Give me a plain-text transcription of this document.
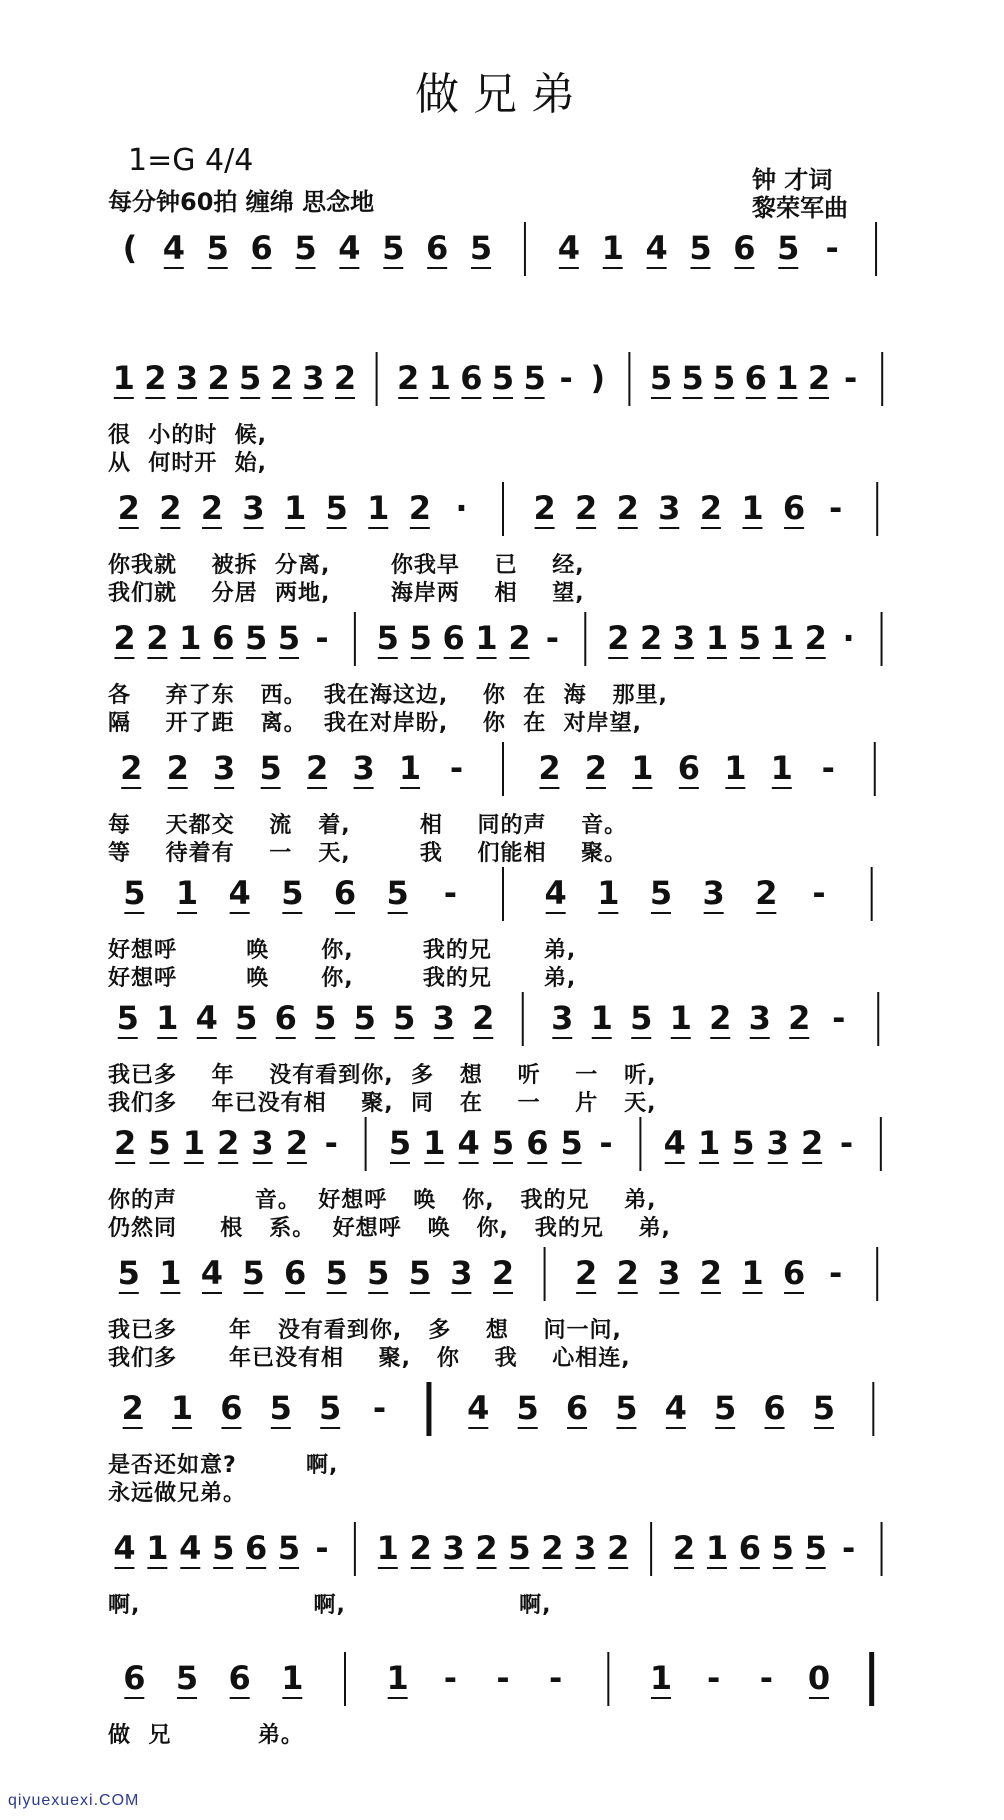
做兄弟
1=G 4/4
每分钟60拍 缠绵 思念地
钟 才词
黎荣军曲
( 4 5 6 5 4 5 6 5 4 1 4 5 6 5 -
1 2 3 2 5 2 3 2 2 1 6 5 5 - ) 5 5 5 6 1 2 -
很  小的时  候,
从  何时开  始,
2 2 2 3 1 5 1 2 · 2 2 2 3 2 1 6 -
你我就    被拆  分离,       你我早    已    经,
我们就    分居  两地,       海岸两    相    望,
2 2 1 6 5 5 - 5 5 6 1 2 - 2 2 3 1 5 1 2 ·
各    弃了东   西。  我在海这边,    你  在  海   那里,
隔    开了距   离。  我在对岸盼,    你  在  对岸望,
2 2 3 5 2 3 1 - 2 2 1 6 1 1 -
每    天都交    流   着,        相    同的声    音。
等    待着有    一   天,        我    们能相    聚。
5 1 4 5 6 5 -	4 1 5 3 2 -
好想呼        唤      你,        我的兄      弟,
好想呼        唤      你,        我的兄      弟,
5 1 4 5 6 5 5 5 3 2 3 1 5 1 2 3 2 -
我已多    年    没有看到你,  多   想    听    一   听,
我们多    年已没有相    聚,  同   在    一    片   天,
2 5 1 2 3 2 - 5 1 4 5 6 5 - 4 1 5 3 2 -
你的声         音。  好想呼   唤   你,   我的兄    弟,
仍然同     根   系。  好想呼   唤   你,   我的兄    弟,
5 1 4 5 6 5 5 5 3 2 2 2 3 2 1 6 -
我已多      年   没有看到你,   多    想    问一问,
我们多      年已没有相    聚,   你    我    心相连,
2 1 6 5 5 -	4 5 6 5 4 5 6 5
是否还如意?        啊,
永远做兄弟。
4 1 4 5 6 5 - 1 2 3 2 5 2 3 2 2 1 6 5 5 -
啊,                    啊,                    啊,
6 5 6 1	1 - - -	1 - - 0
做  兄          弟。
qiyuexuexi.COM
